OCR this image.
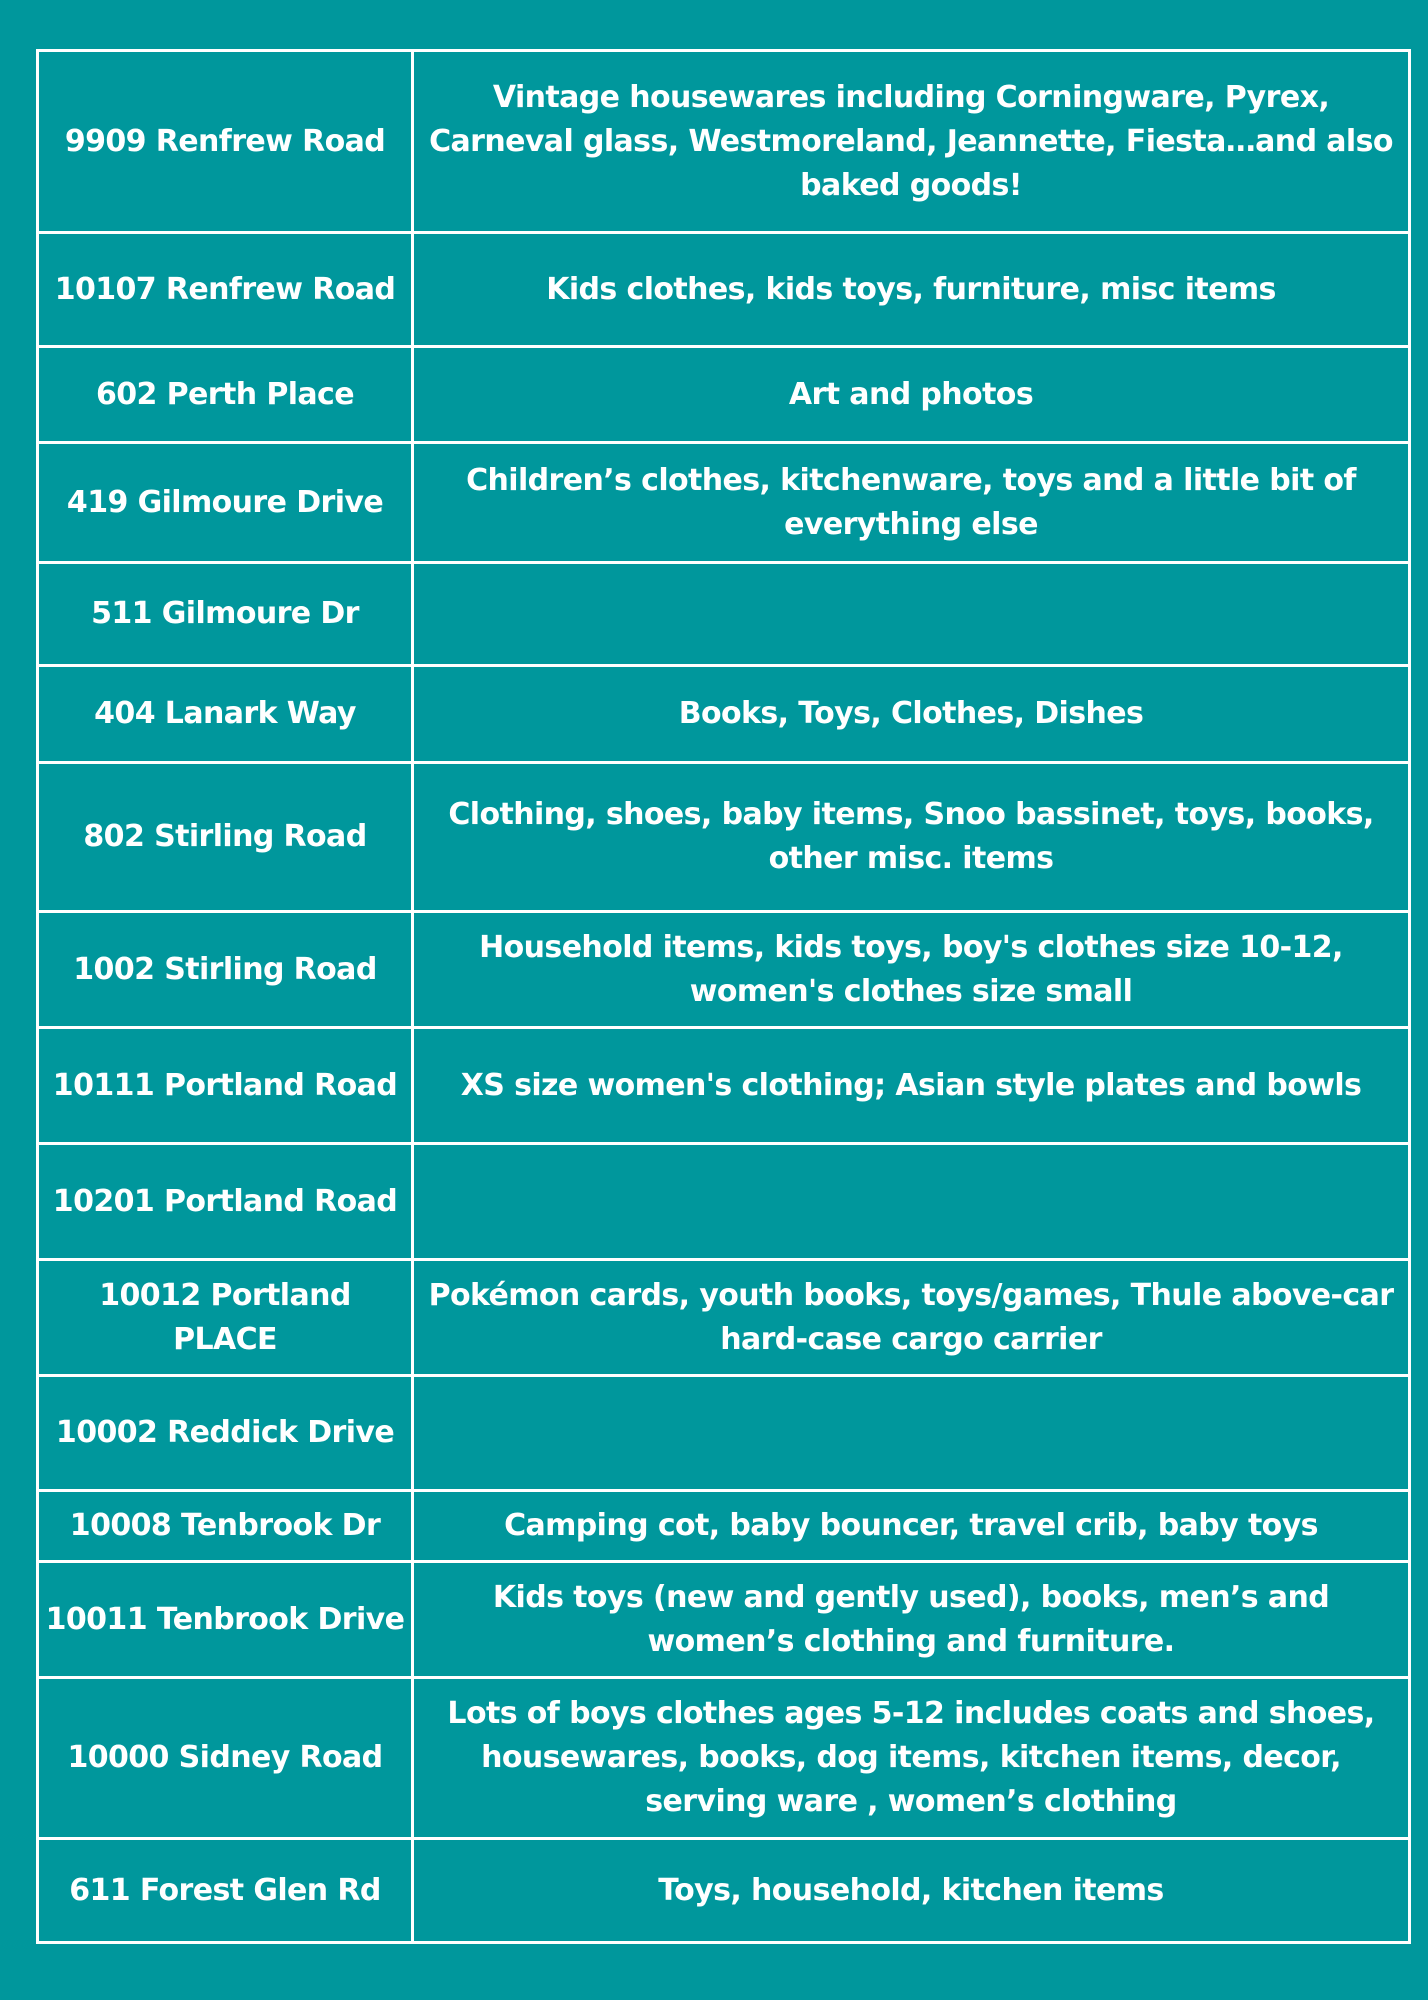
9909 Renfrew Road	Vintage housewares including Corningware, Pyrex, Carneval glass, Westmoreland, Jeannette, Fiesta…and also baked goods!
10107 Renfrew Road	Kids clothes, kids toys, furniture, misc items
602 Perth Place	Art and photos
419 Gilmoure Drive	Children’s clothes, kitchenware, toys and a little bit of everything else
511 Gilmoure Dr	
404 Lanark Way	Books, Toys, Clothes, Dishes
802 Stirling Road	Clothing, shoes, baby items, Snoo bassinet, toys, books, other misc. items
1002 Stirling Road	Household items, kids toys, boy's clothes size 10-12, women's clothes size small
10111 Portland Road	XS size women's clothing; Asian style plates and bowls
10201 Portland Road	
10012 Portland PLACE	Pokémon cards, youth books, toys/games, Thule above-car hard-case cargo carrier
10002 Reddick Drive	
10008 Tenbrook Dr	Camping cot, baby bouncer, travel crib, baby toys
10011 Tenbrook Drive	Kids toys (new and gently used), books, men’s and women’s clothing and furniture.
10000 Sidney Road	Lots of boys clothes ages 5-12 includes coats and shoes, housewares, books, dog items, kitchen items, decor, serving ware , women’s clothing
611 Forest Glen Rd	Toys, household, kitchen items
